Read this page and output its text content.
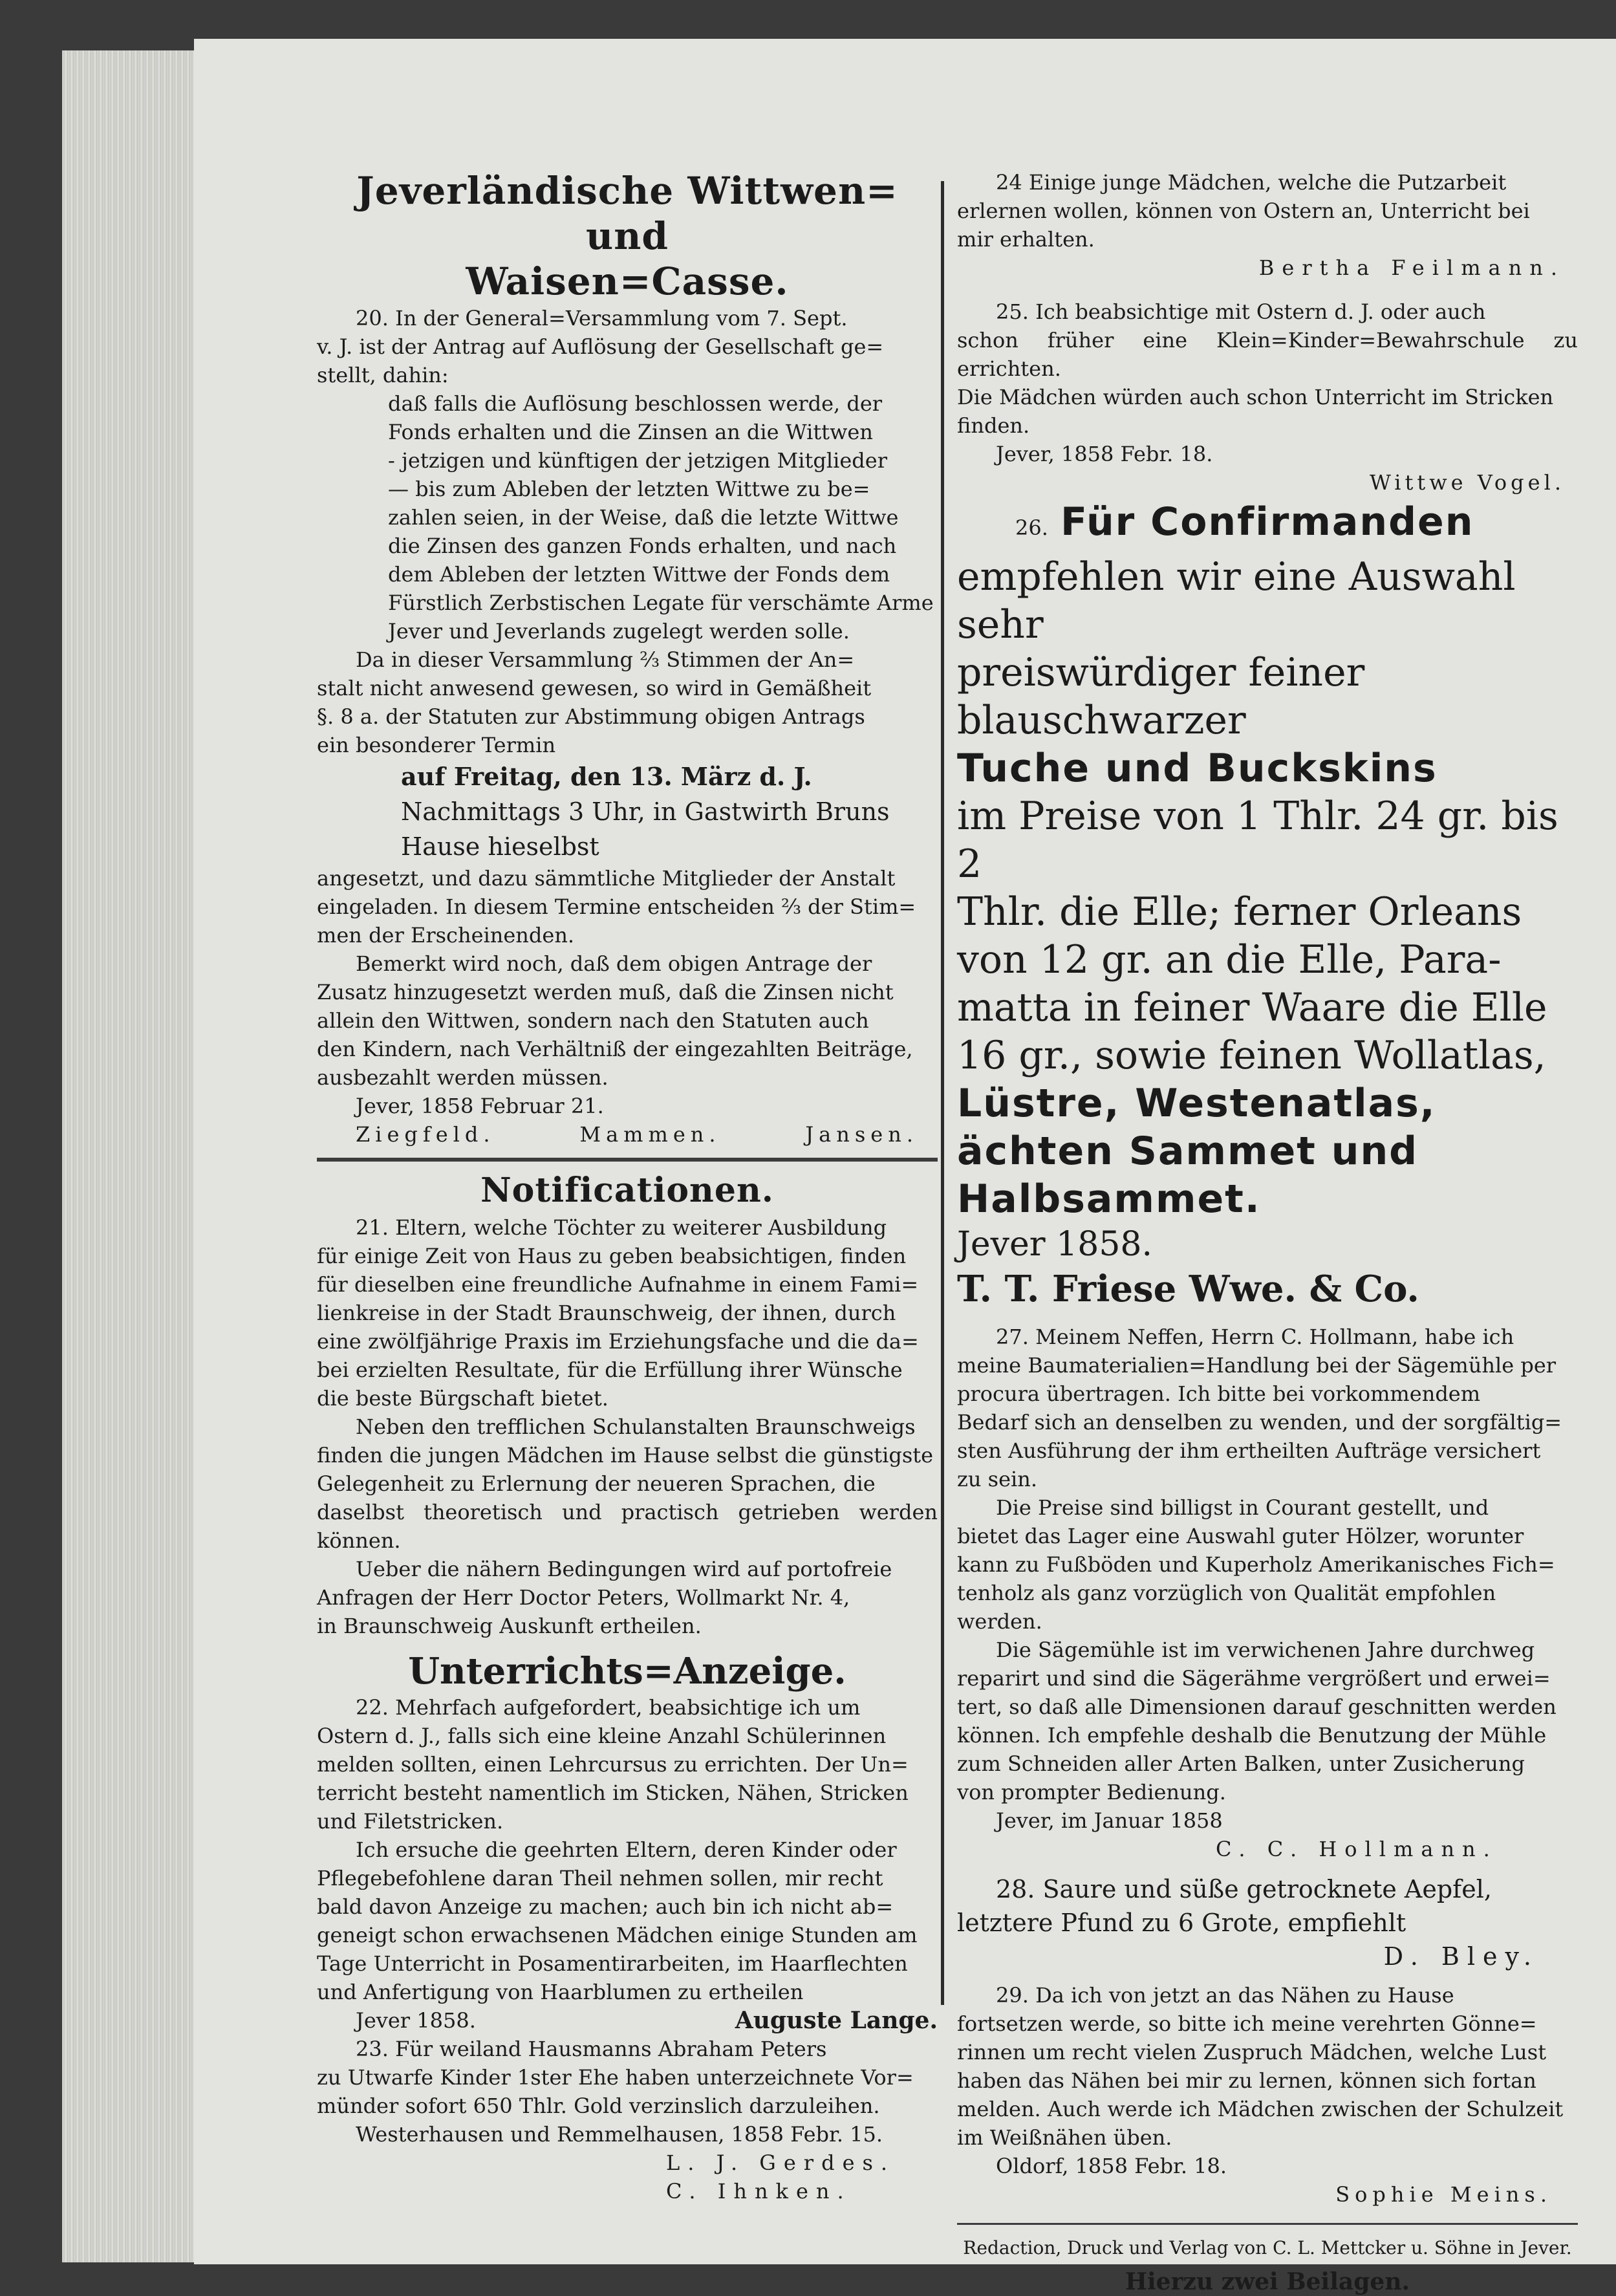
Jeverländische Wittwen= und
Waisen=Casse.

20. In der General=Versammlung vom 7. Sept.

v. J. ist der Antrag auf Auflösung der Gesellschaft ge=

stellt, dahin:

daß falls die Auflösung beschlossen werde, der

Fonds erhalten und die Zinsen an die Wittwen

- jetzigen und künftigen der jetzigen Mitglieder

— bis zum Ableben der letzten Wittwe zu be=

zahlen seien, in der Weise, daß die letzte Wittwe

die Zinsen des ganzen Fonds erhalten, und nach

dem Ableben der letzten Wittwe der Fonds dem

Fürstlich Zerbstischen Legate für verschämte Arme

Jever und Jeverlands zugelegt werden solle.

Da in dieser Versammlung ⅔ Stimmen der An=

stalt nicht anwesend gewesen, so wird in Gemäßheit

§. 8 a. der Statuten zur Abstimmung obigen Antrags

ein besonderer Termin

auf Freitag, den 13. März d. J.

Nachmittags 3 Uhr, in Gastwirth Bruns

Hause hieselbst

angesetzt, und dazu sämmtliche Mitglieder der Anstalt

eingeladen. In diesem Termine entscheiden ⅔ der Stim=

men der Erscheinenden.

Bemerkt wird noch, daß dem obigen Antrage der

Zusatz hinzugesetzt werden muß, daß die Zinsen nicht

allein den Wittwen, sondern nach den Statuten auch

den Kindern, nach Verhältniß der eingezahlten Beiträge,

ausbezahlt werden müssen.

Jever, 1858 Februar 21.

Ziegfeld.	Mammen.	Jansen.
Notificationen.

21. Eltern, welche Töchter zu weiterer Ausbildung

für einige Zeit von Haus zu geben beabsichtigen, finden

für dieselben eine freundliche Aufnahme in einem Fami=

lienkreise in der Stadt Braunschweig, der ihnen, durch

eine zwölfjährige Praxis im Erziehungsfache und die da=

bei erzielten Resultate, für die Erfüllung ihrer Wünsche

die beste Bürgschaft bietet.

Neben den trefflichen Schulanstalten Braunschweigs

finden die jungen Mädchen im Hause selbst die günstigste

Gelegenheit zu Erlernung der neueren Sprachen, die

daselbst theoretisch und practisch getrieben werden können.

Ueber die nähern Bedingungen wird auf portofreie

Anfragen der Herr Doctor Peters, Wollmarkt Nr. 4,

in Braunschweig Auskunft ertheilen.

Unterrichts=Anzeige.

22. Mehrfach aufgefordert, beabsichtige ich um

Ostern d. J., falls sich eine kleine Anzahl Schülerinnen

melden sollten, einen Lehrcursus zu errichten. Der Un=

terricht besteht namentlich im Sticken, Nähen, Stricken

und Filetstricken.

Ich ersuche die geehrten Eltern, deren Kinder oder

Pflegebefohlene daran Theil nehmen sollen, mir recht

bald davon Anzeige zu machen; auch bin ich nicht ab=

geneigt schon erwachsenen Mädchen einige Stunden am

Tage Unterricht in Posamentirarbeiten, im Haarflechten

und Anfertigung von Haarblumen zu ertheilen

Jever 1858.	Auguste Lange.

23. Für weiland Hausmanns Abraham Peters

zu Utwarfe Kinder 1ster Ehe haben unterzeichnete Vor=

münder sofort 650 Thlr. Gold verzinslich darzuleihen.

Westerhausen und Remmelhausen, 1858 Febr. 15.

L. J. Gerdes.

C. Ihnken.

24 Einige junge Mädchen, welche die Putzarbeit

erlernen wollen, können von Ostern an, Unterricht bei

mir erhalten.

Bertha Feilmann.

25. Ich beabsichtige mit Ostern d. J. oder auch

schon früher eine Klein=Kinder=Bewahrschule zu errichten.

Die Mädchen würden auch schon Unterricht im Stricken

finden.

Jever, 1858 Febr. 18.

Wittwe Vogel.

26. Für Confirmanden

empfehlen wir eine Auswahl sehr

preiswürdiger feiner blauschwarzer

Tuche und Buckskins

im Preise von 1 Thlr. 24 gr. bis 2

Thlr. die Elle; ferner Orleans

von 12 gr. an die Elle, Para-

matta in feiner Waare die Elle

16 gr., sowie feinen Wollatlas,

Lüstre, Westenatlas,

ächten Sammet und

Halbsammet.

Jever 1858.

T. T. Friese Wwe. & Co.

27. Meinem Neffen, Herrn C. Hollmann, habe ich

meine Baumaterialien=Handlung bei der Sägemühle per

procura übertragen. Ich bitte bei vorkommendem

Bedarf sich an denselben zu wenden, und der sorgfältig=

sten Ausführung der ihm ertheilten Aufträge versichert

zu sein.

Die Preise sind billigst in Courant gestellt, und

bietet das Lager eine Auswahl guter Hölzer, worunter

kann zu Fußböden und Kuperholz Amerikanisches Fich=

tenholz als ganz vorzüglich von Qualität empfohlen

werden.

Die Sägemühle ist im verwichenen Jahre durchweg

reparirt und sind die Sägerähme vergrößert und erwei=

tert, so daß alle Dimensionen darauf geschnitten werden

können. Ich empfehle deshalb die Benutzung der Mühle

zum Schneiden aller Arten Balken, unter Zusicherung

von prompter Bedienung.

Jever, im Januar 1858

C. C. Hollmann.

28. Saure und süße getrocknete Aepfel,

letztere Pfund zu 6 Grote, empfiehlt

D. Bley.

29. Da ich von jetzt an das Nähen zu Hause

fortsetzen werde, so bitte ich meine verehrten Gönne=

rinnen um recht vielen Zuspruch Mädchen, welche Lust

haben das Nähen bei mir zu lernen, können sich fortan

melden. Auch werde ich Mädchen zwischen der Schulzeit

im Weißnähen üben.

Oldorf, 1858 Febr. 18.

Sophie Meins.

Redaction, Druck und Verlag von C. L. Mettcker u. Söhne in Jever.

Hierzu zwei Beilagen.
